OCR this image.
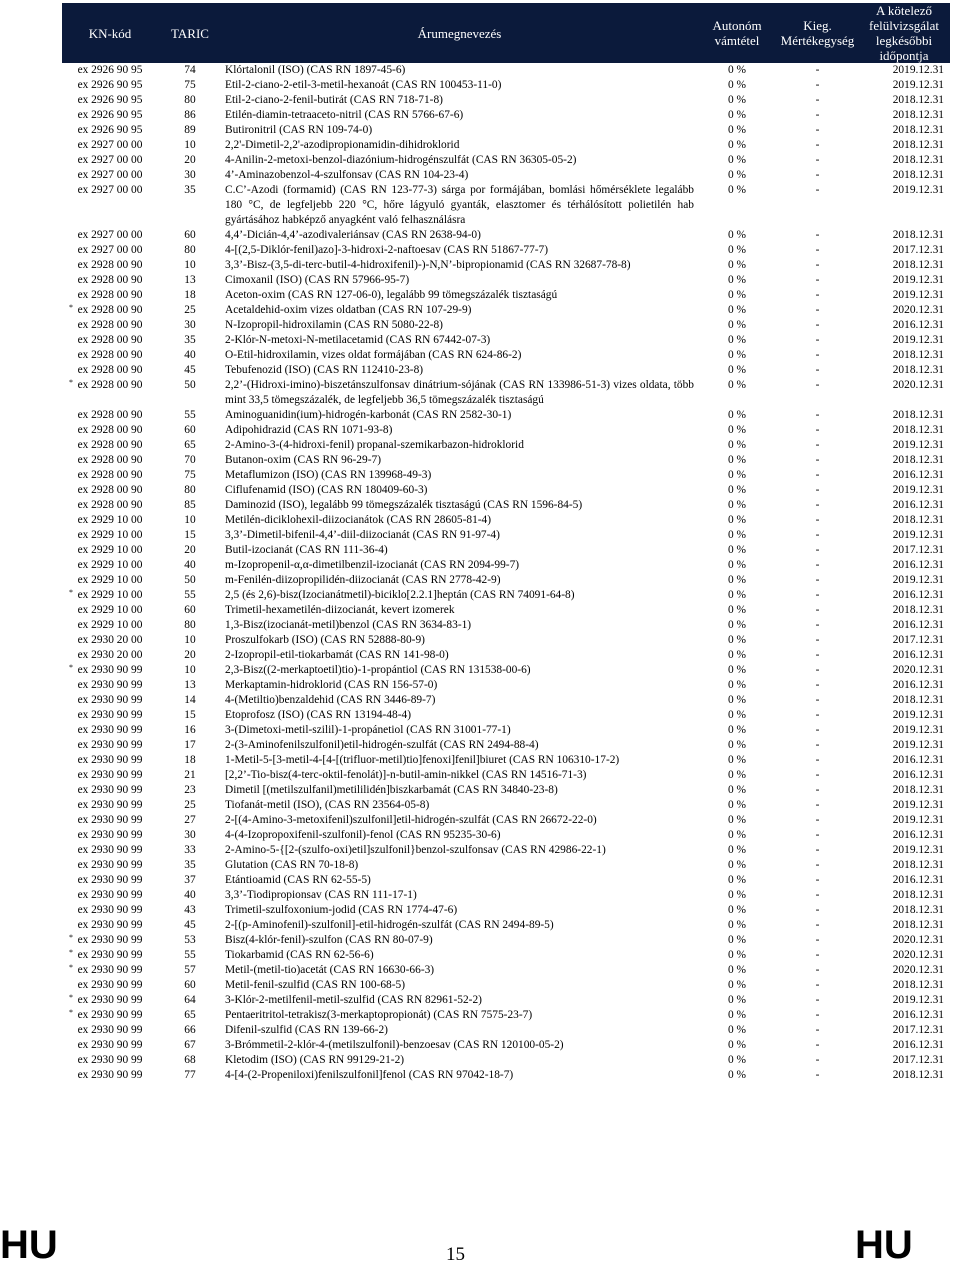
KN-kód	TARIC	Árumegnevezés	Autonóm vámtétel	Kieg. Mértékegység	A kötelező felülvizsgálat legkésőbbi időpontja

ex 2926 90 95	74	Klórtalonil (ISO) (CAS RN 1897-45-6)	0 %	-	2019.12.31

ex 2926 90 95	75	Etil-2-ciano-2-etil-3-metil-hexanoát (CAS RN 100453-11-0)	0 %	-	2019.12.31

ex 2926 90 95	80	Etil-2-ciano-2-fenil-butirát (CAS RN 718-71-8)	0 %	-	2018.12.31

ex 2926 90 95	86	Etilén-diamin-tetraaceto-nitril (CAS RN 5766-67-6)	0 %	-	2018.12.31

ex 2926 90 95	89	Butironitril (CAS RN 109-74-0)	0 %	-	2018.12.31

ex 2927 00 00	10	2,2'-Dimetil-2,2'-azodipropionamidin-dihidroklorid	0 %	-	2018.12.31

ex 2927 00 00	20	4-Anilin-2-metoxi-benzol-diazónium-hidrogénszulfát (CAS RN 36305-05-2)	0 %	-	2018.12.31

ex 2927 00 00	30	4’-Aminazobenzol-4-szulfonsav (CAS RN 104-23-4)	0 %	-	2018.12.31

ex 2927 00 00	35	C.C’-Azodi (formamid) (CAS RN 123-77-3) sárga por formájában, bomlási hőmérséklete legalább 180 °C, de legfeljebb 220 °C, hőre lágyuló gyanták, elasztomer és térhálósított polietilén hab gyártásához habképző anyagként való felhasználásra	0 %	-	2019.12.31

ex 2927 00 00	60	4,4’-Dicián-4,4’-azodivaleriánsav (CAS RN 2638-94-0)	0 %	-	2018.12.31

ex 2927 00 00	80	4-[(2,5-Diklór-fenil)azo]-3-hidroxi-2-naftoesav (CAS RN 51867-77-7)	0 %	-	2017.12.31

ex 2928 00 90	10	3,3’-Bisz-(3,5-di-terc-butil-4-hidroxifenil)-)-N,N’-bipropionamid (CAS RN 32687-78-8)	0 %	-	2018.12.31

ex 2928 00 90	13	Cimoxanil (ISO) (CAS RN 57966-95-7)	0 %	-	2019.12.31

ex 2928 00 90	18	Aceton-oxim (CAS RN 127-06-0), legalább 99 tömegszázalék tisztaságú	0 %	-	2019.12.31

* ex 2928 00 90	25	Acetaldehid-oxim vizes oldatban (CAS RN 107-29-9)	0 %	-	2020.12.31

ex 2928 00 90	30	N-Izopropil-hidroxilamin (CAS RN 5080-22-8)	0 %	-	2016.12.31

ex 2928 00 90	35	2-Klór-N-metoxi-N-metilacetamid (CAS RN 67442-07-3)	0 %	-	2019.12.31

ex 2928 00 90	40	O-Etil-hidroxilamin, vizes oldat formájában (CAS RN 624-86-2)	0 %	-	2018.12.31

ex 2928 00 90	45	Tebufenozid (ISO) (CAS RN 112410-23-8)	0 %	-	2018.12.31

* ex 2928 00 90	50	2,2’-(Hidroxi-imino)-biszetánszulfonsav dinátrium-sójának (CAS RN 133986-51-3) vizes oldata, több mint 33,5 tömegszázalék, de legfeljebb 36,5 tömegszázalék tisztaságú	0 %	-	2020.12.31

ex 2928 00 90	55	Aminoguanidin(ium)-hidrogén-karbonát (CAS RN 2582-30-1)	0 %	-	2018.12.31

ex 2928 00 90	60	Adipohidrazid (CAS RN 1071-93-8)	0 %	-	2018.12.31

ex 2928 00 90	65	2-Amino-3-(4-hidroxi-fenil) propanal-szemikarbazon-hidroklorid	0 %	-	2019.12.31

ex 2928 00 90	70	Butanon-oxim (CAS RN 96-29-7)	0 %	-	2018.12.31

ex 2928 00 90	75	Metaflumizon (ISO) (CAS RN 139968-49-3)	0 %	-	2016.12.31

ex 2928 00 90	80	Ciflufenamid (ISO) (CAS RN 180409-60-3)	0 %	-	2019.12.31

ex 2928 00 90	85	Daminozid (ISO), legalább 99 tömegszázalék tisztaságú (CAS RN 1596-84-5)	0 %	-	2016.12.31

ex 2929 10 00	10	Metilén-diciklohexil-diizocianátok (CAS RN 28605-81-4)	0 %	-	2018.12.31

ex 2929 10 00	15	3,3’-Dimetil-bifenil-4,4’-diil-diizocianát (CAS RN 91-97-4)	0 %	-	2019.12.31

ex 2929 10 00	20	Butil-izocianát (CAS RN 111-36-4)	0 %	-	2017.12.31

ex 2929 10 00	40	m-Izopropenil-α,α-dimetilbenzil-izocianát (CAS RN 2094-99-7)	0 %	-	2016.12.31

ex 2929 10 00	50	m-Fenilén-diizopropilidén-diizocianát (CAS RN 2778-42-9)	0 %	-	2019.12.31

* ex 2929 10 00	55	2,5 (és 2,6)-bisz(Izocianátmetil)-biciklo[2.2.1]heptán (CAS RN 74091-64-8)	0 %	-	2016.12.31

ex 2929 10 00	60	Trimetil-hexametilén-diizocianát, kevert izomerek	0 %	-	2018.12.31

ex 2929 10 00	80	1,3-Bisz(izocianát-metil)benzol (CAS RN 3634-83-1)	0 %	-	2016.12.31

ex 2930 20 00	10	Proszulfokarb (ISO) (CAS RN 52888-80-9)	0 %	-	2017.12.31

ex 2930 20 00	20	2-Izopropil-etil-tiokarbamát (CAS RN 141-98-0)	0 %	-	2016.12.31

* ex 2930 90 99	10	2,3-Bisz((2-merkaptoetil)tio)-1-propántiol (CAS RN 131538-00-6)	0 %	-	2020.12.31

ex 2930 90 99	13	Merkaptamin-hidroklorid (CAS RN 156-57-0)	0 %	-	2016.12.31

ex 2930 90 99	14	4-(Metiltio)benzaldehid (CAS RN 3446-89-7)	0 %	-	2018.12.31

ex 2930 90 99	15	Etoprofosz (ISO) (CAS RN 13194-48-4)	0 %	-	2019.12.31

ex 2930 90 99	16	3-(Dimetoxi-metil-szilil)-1-propánetiol (CAS RN 31001-77-1)	0 %	-	2019.12.31

ex 2930 90 99	17	2-(3-Aminofenilszulfonil)etil-hidrogén-szulfát (CAS RN 2494-88-4)	0 %	-	2019.12.31

ex 2930 90 99	18	1-Metil-5-[3-metil-4-[4-[(trifluor-metil)tio]fenoxi]fenil]biuret (CAS RN 106310-17-2)	0 %	-	2016.12.31

ex 2930 90 99	21	[2,2’-Tio-bisz(4-terc-oktil-fenolát)]-n-butil-amin-nikkel (CAS RN 14516-71-3)	0 %	-	2016.12.31

ex 2930 90 99	23	Dimetil [(metilszulfanil)metililidén]biszkarbamát (CAS RN 34840-23-8)	0 %	-	2018.12.31

ex 2930 90 99	25	Tiofanát-metil (ISO), (CAS RN 23564-05-8)	0 %	-	2019.12.31

ex 2930 90 99	27	2-[(4-Amino-3-metoxifenil)szulfonil]etil-hidrogén-szulfát (CAS RN 26672-22-0)	0 %	-	2019.12.31

ex 2930 90 99	30	4-(4-Izopropoxifenil-szulfonil)-fenol (CAS RN 95235-30-6)	0 %	-	2016.12.31

ex 2930 90 99	33	2-Amino-5-{[2-(szulfo-oxi)etil]szulfonil}benzol-szulfonsav (CAS RN 42986-22-1)	0 %	-	2019.12.31

ex 2930 90 99	35	Glutation (CAS RN 70-18-8)	0 %	-	2018.12.31

ex 2930 90 99	37	Etántioamid (CAS RN 62-55-5)	0 %	-	2016.12.31

ex 2930 90 99	40	3,3’-Tiodipropionsav (CAS RN 111-17-1)	0 %	-	2018.12.31

ex 2930 90 99	43	Trimetil-szulfoxonium-jodid (CAS RN 1774-47-6)	0 %	-	2018.12.31

ex 2930 90 99	45	2-[(p-Aminofenil)-szulfonil]-etil-hidrogén-szulfát (CAS RN 2494-89-5)	0 %	-	2018.12.31

* ex 2930 90 99	53	Bisz(4-klór-fenil)-szulfon (CAS RN 80-07-9)	0 %	-	2020.12.31

* ex 2930 90 99	55	Tiokarbamid (CAS RN 62-56-6)	0 %	-	2020.12.31

* ex 2930 90 99	57	Metil-(metil-tio)acetát (CAS RN 16630-66-3)	0 %	-	2020.12.31

ex 2930 90 99	60	Metil-fenil-szulfid (CAS RN 100-68-5)	0 %	-	2018.12.31

* ex 2930 90 99	64	3-Klór-2-metilfenil-metil-szulfid (CAS RN 82961-52-2)	0 %	-	2019.12.31

* ex 2930 90 99	65	Pentaeritritol-tetrakisz(3-merkaptopropionát) (CAS RN 7575-23-7)	0 %	-	2016.12.31

ex 2930 90 99	66	Difenil-szulfid (CAS RN 139-66-2)	0 %	-	2017.12.31

ex 2930 90 99	67	3-Brómmetil-2-klór-4-(metilszulfonil)-benzoesav (CAS RN 120100-05-2)	0 %	-	2016.12.31

ex 2930 90 99	68	Kletodim (ISO) (CAS RN 99129-21-2)	0 %	-	2017.12.31

ex 2930 90 99	77	4-[4-(2-Propeniloxi)fenilszulfonil]fenol (CAS RN 97042-18-7)	0 %	-	2018.12.31
HU	15	HU
